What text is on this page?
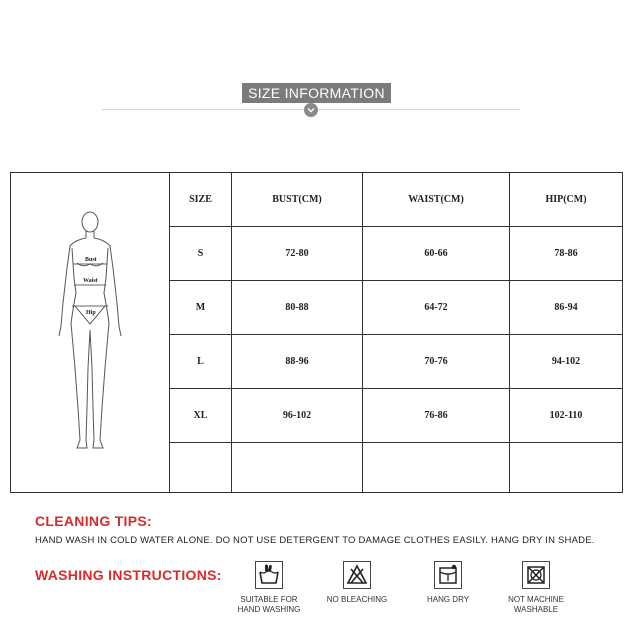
SIZE INFORMATION
Bust
Waist
Hip	SIZE	BUST(CM)	WAIST(CM)	HIP(CM)
	S	72-80	60-66	78-86
	M	80-88	64-72	86-94
	L	88-96	70-76	94-102
	XL	96-102	76-86	102-110

CLEANING TIPS:
HAND WASH IN COLD WATER ALONE. DO NOT USE DETERGENT TO DAMAGE CLOTHES EASILY. HANG DRY IN SHADE.
WASHING INSTRUCTIONS:
SUITABLE FOR
HAND WASHING
NO BLEACHING	HANG DRY	NOT MACHINE
WASHABLE
